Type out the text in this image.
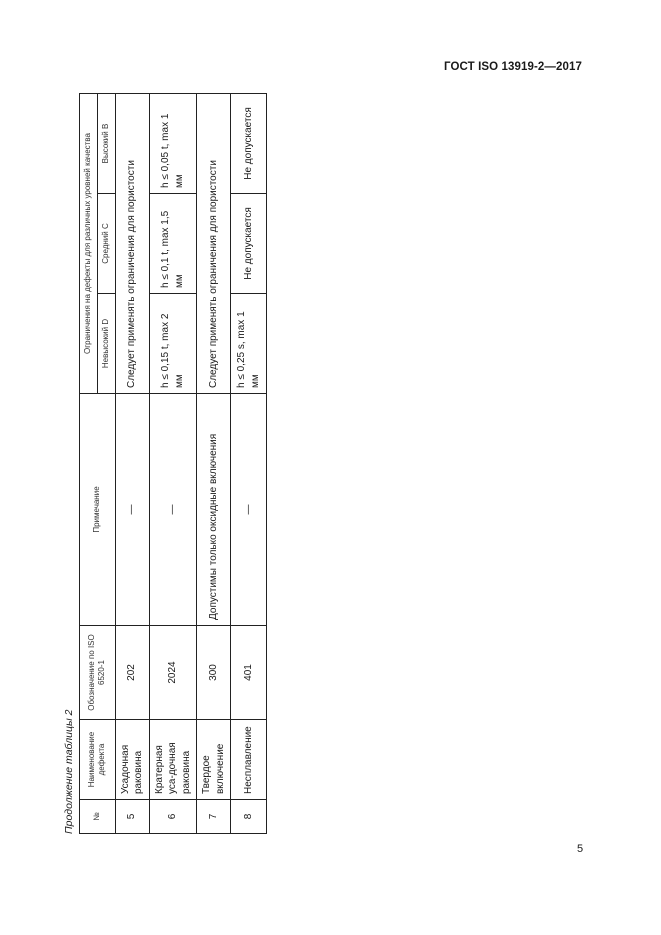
ГОСТ ISO 13919-2—2017
Продолжение таблицы 2 №	Наименование дефекта	Обозначение по ISO 6520-1	Примечание	Ограничения на дефекты для различных уровней качества		
				Невысокий D	Средний C	Высокий B
5	Усадочная раковина	202	—	Следует применять ограничения для пористости		
6	Кратерная уса-дочная раковина	2024	—	h ≤ 0,15 t, max 2 мм	h ≤ 0,1 t, max 1,5 мм	h ≤ 0,05 t, max 1 мм
7	Твердое включение	300	Допустимы только оксидные включения	Следует применять ограничения для пористости		
8	Несплавление	401	—	h ≤ 0,25 s, max 1 мм	Не допускается	Не допускается
5
